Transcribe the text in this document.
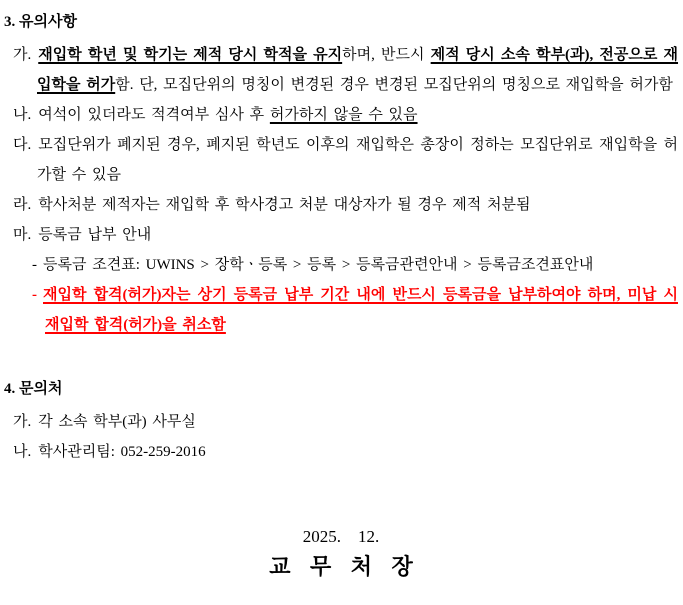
3. 유의사항
가. 재입학 학년 및 학기는 제적 당시 학적을 유지하며, 반드시 제적 당시 소속 학부(과), 전공으로 재입학을 허가함. 단, 모집단위의 명칭이 변경된 경우 변경된 모집단위의 명칭으로 재입학을 허가함
나. 여석이 있더라도 적격여부 심사 후 허가하지 않을 수 있음
다. 모집단위가 폐지된 경우, 폐지된 학년도 이후의 재입학은 총장이 정하는 모집단위로 재입학을 허가할 수 있음
라. 학사처분 제적자는 재입학 후 학사경고 처분 대상자가 될 경우 제적 처분됨
마. 등록금 납부 안내
- 등록금 조견표: UWINS > 장학ㆍ등록 > 등록 > 등록금관련안내 > 등록금조견표안내
- 재입학 합격(허가)자는 상기 등록금 납부 기간 내에 반드시 등록금을 납부하여야 하며, 미납 시 재입학 합격(허가)을 취소함
4. 문의처
가. 각 소속 학부(과) 사무실
나. 학사관리팀: 052-259-2016
2025.    12.
교 무 처 장
